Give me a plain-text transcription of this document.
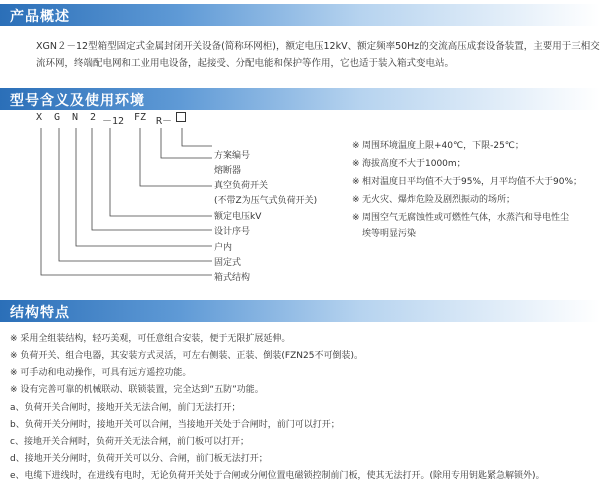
产品概述
XGN２－12型箱型固定式金属封闭开关设备(简称环网柜)，额定电压12kV、额定频率50Hz的交流高压成套设备装置，主要用于三相交
流环网，终端配电网和工业用电设备，起接受、分配电能和保护等作用，它也适于装入箱式变电站。
型号含义及使用环境
X G N 2 －12 FZ R－
方案编号
熔断器
真空负荷开关
(不带Z为压气式负荷开关)
额定电压kV
设计序号
户内
固定式
箱式结构
※ 周围环境温度上限+40℃，下限-25℃；
※ 海拔高度不大于1000m；
※ 相对温度日平均值不大于95%，月平均值不大于90%；
※ 无火灾、爆炸危险及剧烈振动的场所；
※ 周围空气无腐蚀性或可燃性气体，水蒸汽和导电性尘
埃等明显污染
结构特点
※ 采用全组装结构，轻巧美观，可任意组合安装，便于无限扩展延伸。
※ 负荷开关、组合电器，其安装方式灵活，可左右侧装、正装、倒装(FZN25不可倒装)。
※ 可手动和电动操作，可具有远方遥控功能。
※ 设有完善可靠的机械联动、联锁装置，完全达到“五防”功能。
a、负荷开关合闸时，接地开关无法合闸，前门无法打开；
b、负荷开关分闸时，接地开关可以合闸，当接地开关处于合闸时，前门可以打开；
c、接地开关合闸时，负荷开关无法合闸，前门板可以打开；
d、接地开关分闸时，负荷开关可以分、合闸，前门板无法打开；
e、电缆下进线时，在进线有电时，无论负荷开关处于合闸或分闸位置电磁锁控制前门板，使其无法打开。(除用专用钥匙紧急解锁外)。
